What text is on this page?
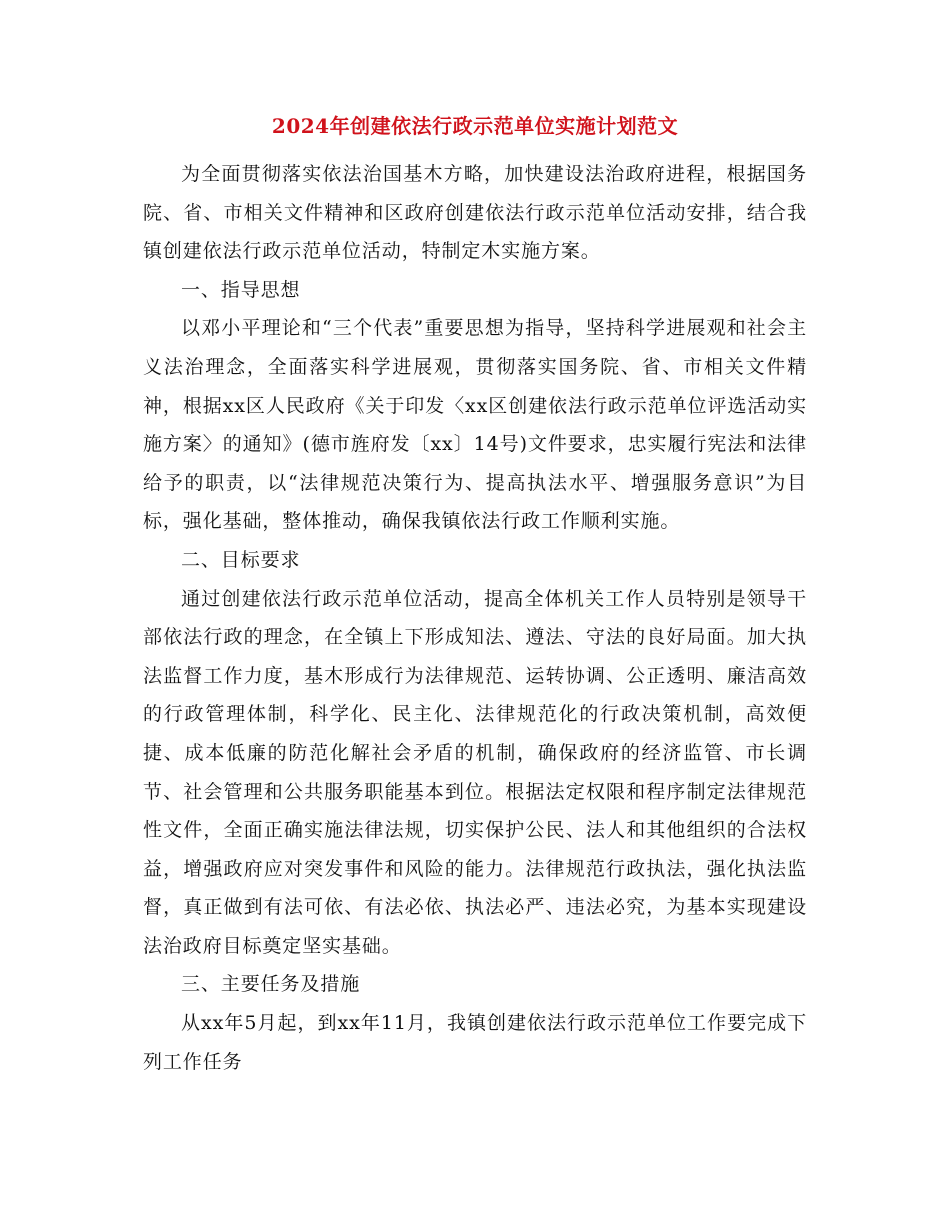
2024年创建依法行政示范单位实施计划范文

为全面贯彻落实依法治国基木方略，加快建设法治政府进程，根据国务院、省、市相关文件精神和区政府创建依法行政示范单位活动安排，结合我镇创建依法行政示范单位活动，特制定木实施方案。

一、指导思想

以邓小平理论和“三个代表”重要思想为指导，坚持科学进展观和社会主义法治理念，全面落实科学进展观，贯彻落实国务院、省、市相关文件精神，根据xx区人民政府《关于印发〈xx区创建依法行政示范单位评选活动实施方案〉的通知》(德市旌府发〔xx〕14号)文件要求，忠实履行宪法和法律给予的职责，以“法律规范决策行为、提高执法水平、增强服务意识”为目标，强化基础，整体推动，确保我镇依法行政工作顺利实施。

二、目标要求

通过创建依法行政示范单位活动，提高全体机关工作人员特别是领导干部依法行政的理念，在全镇上下形成知法、遵法、守法的良好局面。加大执法监督工作力度，基木形成行为法律规范、运转协调、公正透明、廉洁高效的行政管理体制，科学化、民主化、法律规范化的行政决策机制，高效便捷、成本低廉的防范化解社会矛盾的机制，确保政府的经济监管、市长调节、社会管理和公共服务职能基本到位。根据法定权限和程序制定法律规范性文件，全面正确实施法律法规，切实保护公民、法人和其他组织的合法权益，增强政府应对突发事件和风险的能力。法律规范行政执法，强化执法监督，真正做到有法可依、有法必依、执法必严、违法必究，为基本实现建设法治政府目标奠定坚实基础。

三、主要任务及措施

从xx年5月起，到xx年11月，我镇创建依法行政示范单位工作要完成下列工作任务
